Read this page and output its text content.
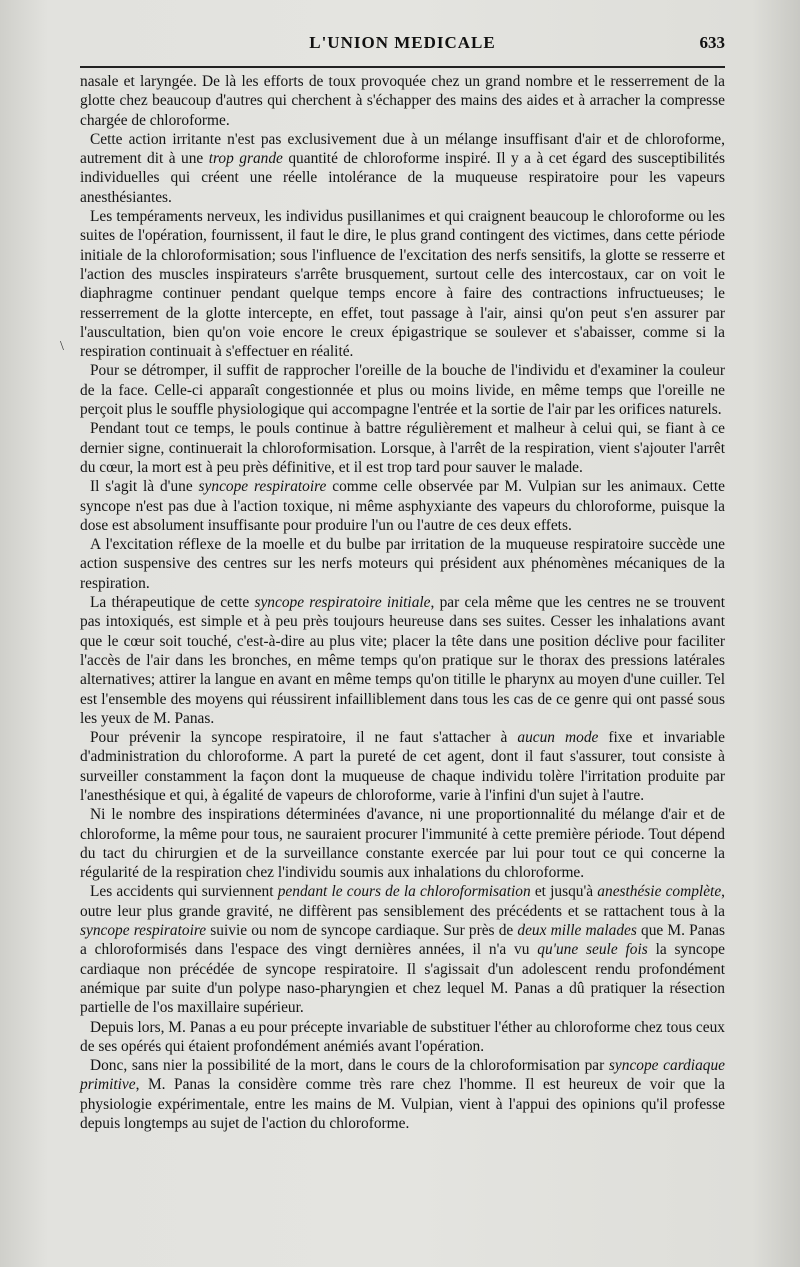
L'UNION MEDICALE	633
\

nasale et laryngée. De là les efforts de toux provoquée chez un grand nombre et le resserrement de la glotte chez beaucoup d'autres qui cherchent à s'échapper des mains des aides et à arracher la compresse chargée de chloroforme.

Cette action irritante n'est pas exclusivement due à un mélange insuffisant d'air et de chloroforme, autrement dit à une trop grande quantité de chloroforme inspiré. Il y a à cet égard des susceptibilités individuelles qui créent une réelle intolérance de la muqueuse respiratoire pour les vapeurs anesthésiantes.

Les tempéraments nerveux, les individus pusillanimes et qui craignent beaucoup le chloroforme ou les suites de l'opération, fournissent, il faut le dire, le plus grand contingent des victimes, dans cette période initiale de la chloroformisation; sous l'influence de l'excitation des nerfs sensitifs, la glotte se resserre et l'action des muscles inspirateurs s'arrête brusquement, surtout celle des intercostaux, car on voit le diaphragme continuer pendant quelque temps encore à faire des contractions infructueuses; le resserrement de la glotte intercepte, en effet, tout passage à l'air, ainsi qu'on peut s'en assurer par l'auscultation, bien qu'on voie encore le creux épigastrique se soulever et s'abaisser, comme si la respiration continuait à s'effectuer en réalité.

Pour se détromper, il suffit de rapprocher l'oreille de la bouche de l'individu et d'examiner la couleur de la face. Celle-ci apparaît congestionnée et plus ou moins livide, en même temps que l'oreille ne perçoit plus le souffle physiologique qui accompagne l'entrée et la sortie de l'air par les orifices naturels.

Pendant tout ce temps, le pouls continue à battre régulièrement et malheur à celui qui, se fiant à ce dernier signe, continuerait la chloroformisation. Lorsque, à l'arrêt de la respiration, vient s'ajouter l'arrêt du cœur, la mort est à peu près définitive, et il est trop tard pour sauver le malade.

Il s'agit là d'une syncope respiratoire comme celle observée par M. Vulpian sur les animaux. Cette syncope n'est pas due à l'action toxique, ni même asphyxiante des vapeurs du chloroforme, puisque la dose est absolument insuffisante pour produire l'un ou l'autre de ces deux effets.

A l'excitation réflexe de la moelle et du bulbe par irritation de la muqueuse respiratoire succède une action suspensive des centres sur les nerfs moteurs qui président aux phénomènes mécaniques de la respiration.

La thérapeutique de cette syncope respiratoire initiale, par cela même que les centres ne se trouvent pas intoxiqués, est simple et à peu près toujours heureuse dans ses suites. Cesser les inhalations avant que le cœur soit touché, c'est-à-dire au plus vite; placer la tête dans une position déclive pour faciliter l'accès de l'air dans les bronches, en même temps qu'on pratique sur le thorax des pressions latérales alternatives; attirer la langue en avant en même temps qu'on titille le pharynx au moyen d'une cuiller. Tel est l'ensemble des moyens qui réussirent infailliblement dans tous les cas de ce genre qui ont passé sous les yeux de M. Panas.

Pour prévenir la syncope respiratoire, il ne faut s'attacher à aucun mode fixe et invariable d'administration du chloroforme. A part la pureté de cet agent, dont il faut s'assurer, tout consiste à surveiller constamment la façon dont la muqueuse de chaque individu tolère l'irritation produite par l'anesthésique et qui, à égalité de vapeurs de chloroforme, varie à l'infini d'un sujet à l'autre.

Ni le nombre des inspirations déterminées d'avance, ni une proportionnalité du mélange d'air et de chloroforme, la même pour tous, ne sauraient procurer l'immunité à cette première période. Tout dépend du tact du chirurgien et de la surveillance constante exercée par lui pour tout ce qui concerne la régularité de la respiration chez l'individu soumis aux inhalations du chloroforme.

Les accidents qui surviennent pendant le cours de la chloroformisation et jusqu'à anesthésie complète, outre leur plus grande gravité, ne diffèrent pas sensiblement des précédents et se rattachent tous à la syncope respiratoire suivie ou nom de syncope cardiaque. Sur près de deux mille malades que M. Panas a chloroformisés dans l'espace des vingt dernières années, il n'a vu qu'une seule fois la syncope cardiaque non précédée de syncope respiratoire. Il s'agissait d'un adolescent rendu profondément anémique par suite d'un polype naso-pharyngien et chez lequel M. Panas a dû pratiquer la résection partielle de l'os maxillaire supérieur.

Depuis lors, M. Panas a eu pour précepte invariable de substituer l'éther au chloroforme chez tous ceux de ses opérés qui étaient profondément anémiés avant l'opération.

Donc, sans nier la possibilité de la mort, dans le cours de la chloroformisation par syncope cardiaque primitive, M. Panas la considère comme très rare chez l'homme. Il est heureux de voir que la physiologie expérimentale, entre les mains de M. Vulpian, vient à l'appui des opinions qu'il professe depuis longtemps au sujet de l'action du chloroforme.
